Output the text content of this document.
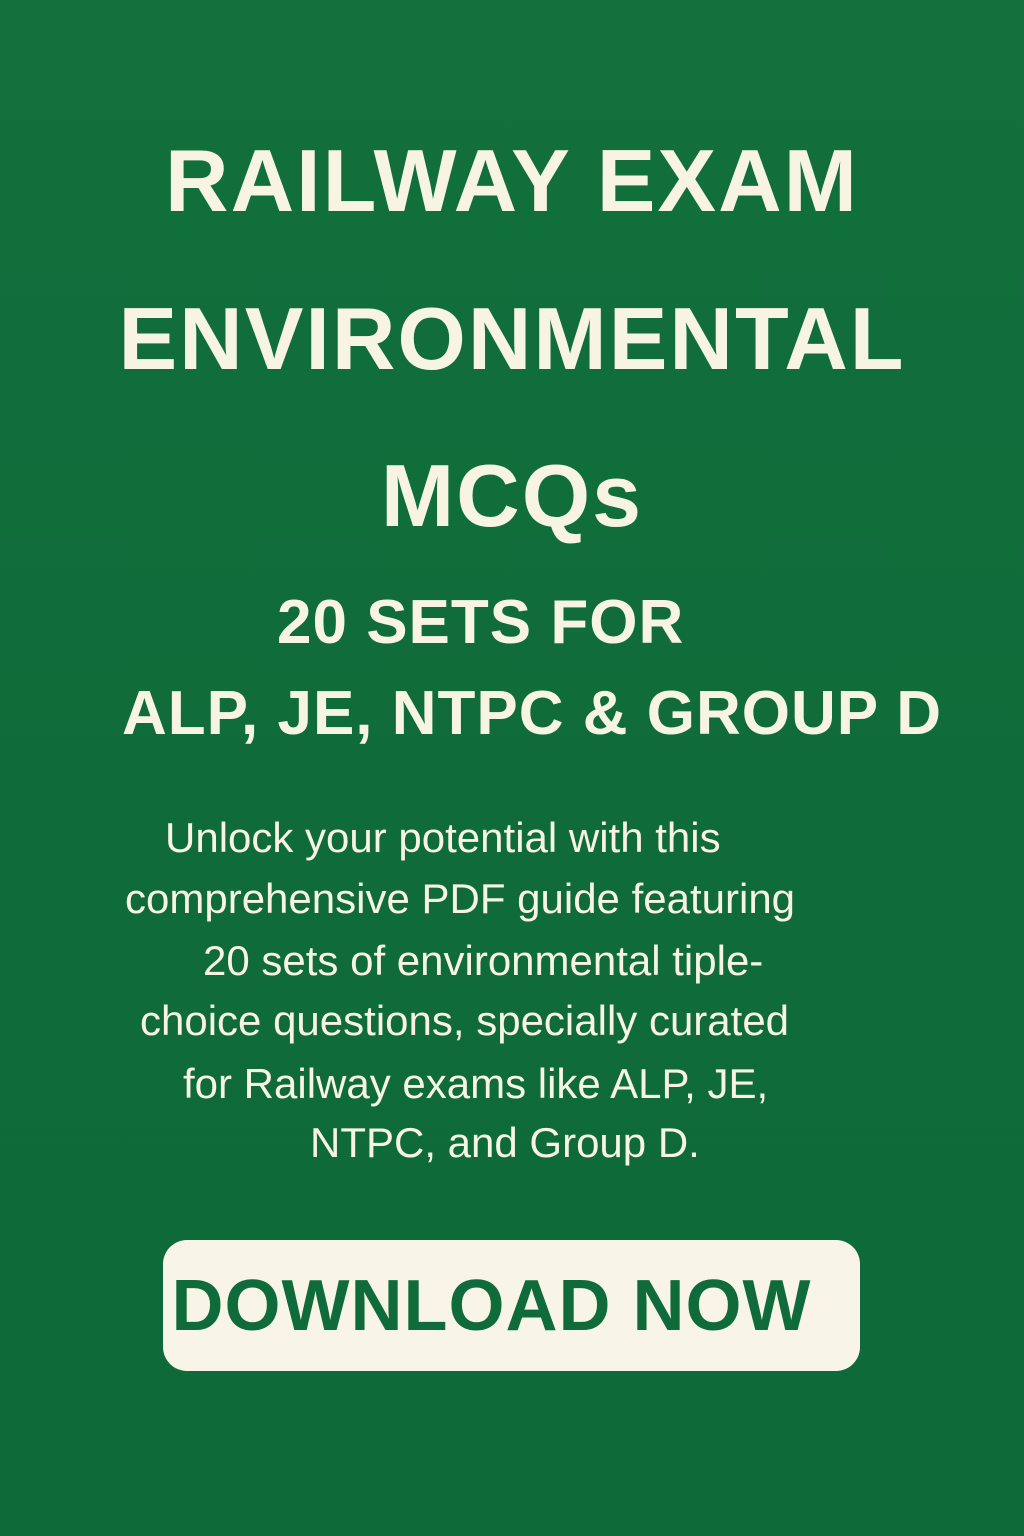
RAILWAY EXAM
ENVIRONMENTAL
MCQs
20 SETS FOR
ALP, JE, NTPC & GROUP D
Unlock your potential with this
comprehensive PDF guide featuring
20 sets of environmental tiple-
choice questions, specially curated
for Railway exams like ALP, JE,
NTPC, and Group D.
DOWNLOAD NOW
